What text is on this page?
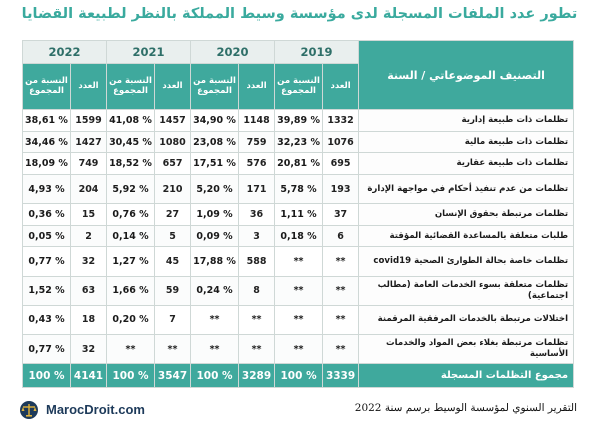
تطور عدد الملفات المسجلة لدى مؤسسة وسيط المملكة بالنظر لطبيعة القضايا
2022		2021		2020		2019		التصنيف الموضوعاتي / السنة
النسبة من المجموع	العدد	النسبة من المجموع	العدد	النسبة من المجموع	العدد	النسبة من المجموع	العدد	
38,61 %	1599	41,08 %	1457	34,90 %	1148	39,89 %	1332	تظلمات ذات طبيعة إدارية
34,46 %	1427	30,45 %	1080	23,08 %	759	32,23 %	1076	تظلمات ذات طبيعة مالية
18,09 %	749	18,52 %	657	17,51 %	576	20,81 %	695	تظلمات ذات طبيعة عقارية
4,93 %	204	5,92 %	210	5,20 %	171	5,78 %	193	تظلمات من عدم تنفيذ أحكام في مواجهة الإدارة
0,36 %	15	0,76 %	27	1,09 %	36	1,11 %	37	تظلمات مرتبطة بحقوق الإنسان
0,05 %	2	0,14 %	5	0,09 %	3	0,18 %	6	طلبات متعلقة بالمساعدة القضائية المؤقتة
0,77 %	32	1,27 %	45	17,88 %	588	**	**	تظلمات خاصة بحالة الطوارئ الصحية covid19
1,52 %	63	1,66 %	59	0,24 %	8	**	**	تظلمات متعلقة بسوء الخدمات العامة (مطالب اجتماعية)
0,43 %	18	0,20 %	7	**	**	**	**	اختلالات مرتبطة بالخدمات المرفقية المرقمنة
0,77 %	32	**	**	**	**	**	**	تظلمات مرتبطة بغلاء بعض المواد والخدمات الأساسية
100 %	4141	100 %	3547	100 %	3289	100 %	3339	مجموع التظلمات المسجلة
MarocDroit.com	التقرير السنوي لمؤسسة الوسيط برسم سنة 2022
